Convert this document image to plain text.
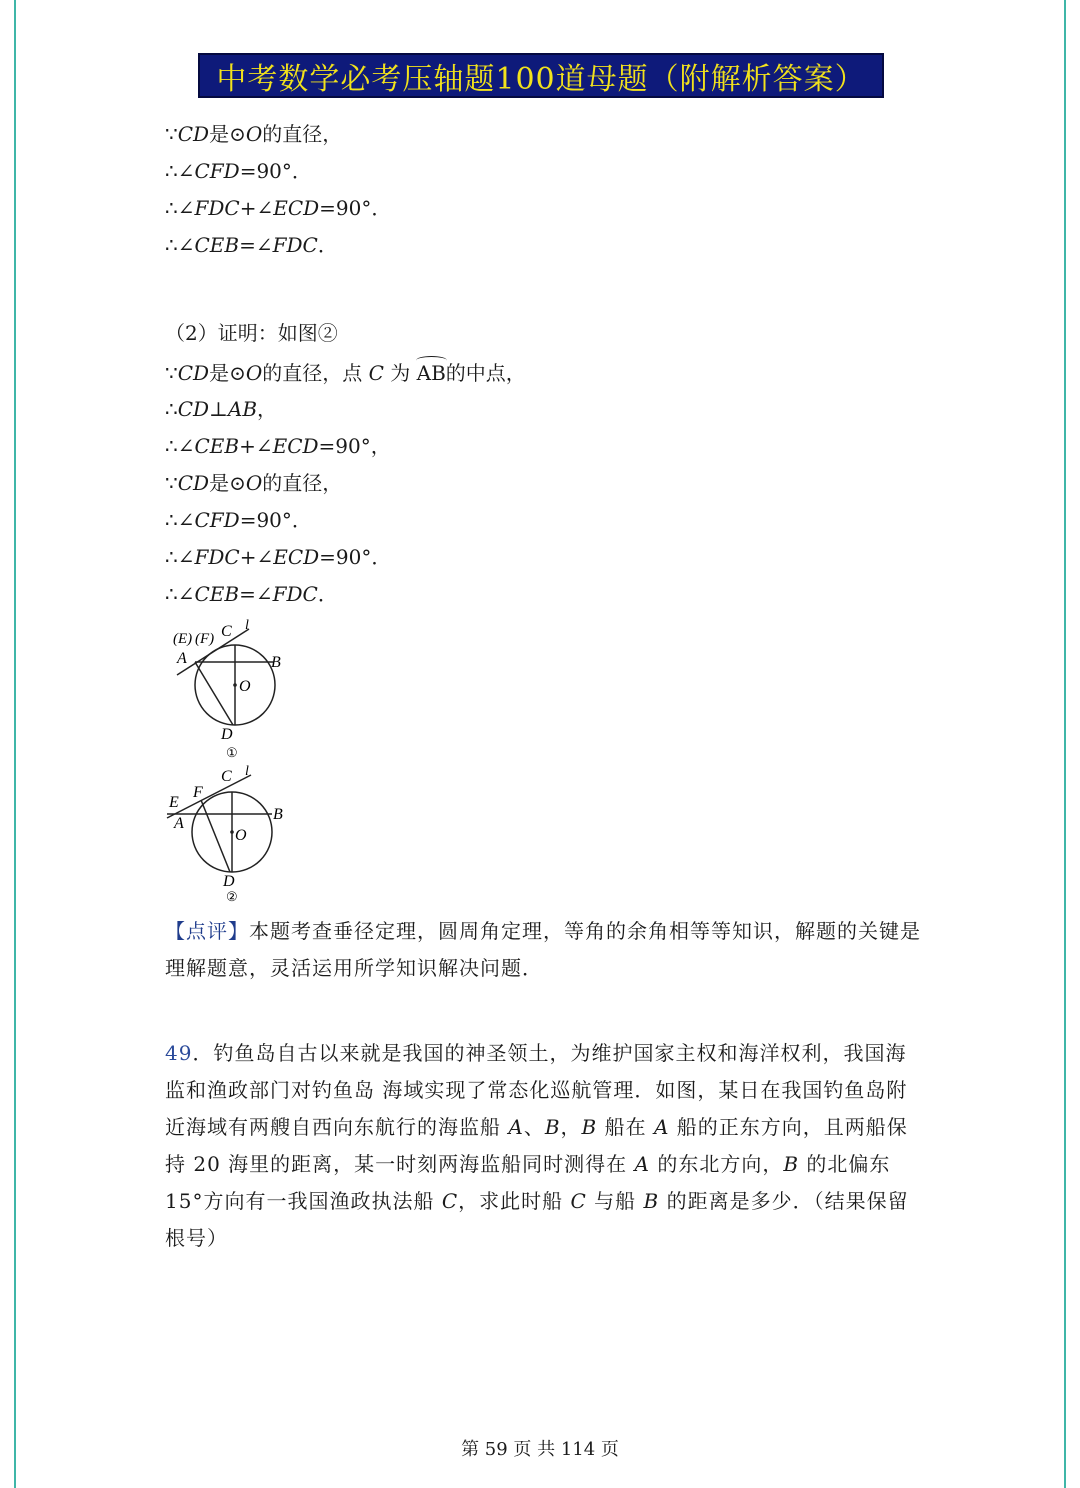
中考数学必考压轴题100道母题（附解析答案）
∵CD是⊙O的直径，
∴∠CFD=90°．
∴∠FDC+∠ECD=90°．
∴∠CEB=∠FDC．
（2）证明：如图②
∵CD是⊙O的直径，点 C 为 AB的中点，
∴CD⊥AB，
∴∠CEB+∠ECD=90°，
∵CD是⊙O的直径，
∴∠CFD=90°．
∴∠FDC+∠ECD=90°．
∴∠CEB=∠FDC．
(E) (F) C l
A	B
O
D
①
E
F
C l
A
B
O
D
②
【点评】本题考查垂径定理，圆周角定理，等角的余角相等等知识，解题的关键是理解题意，灵活运用所学知识解决问题．
49．钓鱼岛自古以来就是我国的神圣领土，为维护国家主权和海洋权利，我国海监和渔政部门对钓鱼岛 海域实现了常态化巡航管理．如图，某日在我国钓鱼岛附近海域有两艘自西向东航行的海监船 A、B，B 船在 A 船的正东方向，且两船保持 20 海里的距离，某一时刻两海监船同时测得在 A 的东北方向，B 的北偏东 15°方向有一我国渔政执法船 C，求此时船 C 与船 B 的距离是多少．（结果保留根号）
第 59 页 共 114 页
